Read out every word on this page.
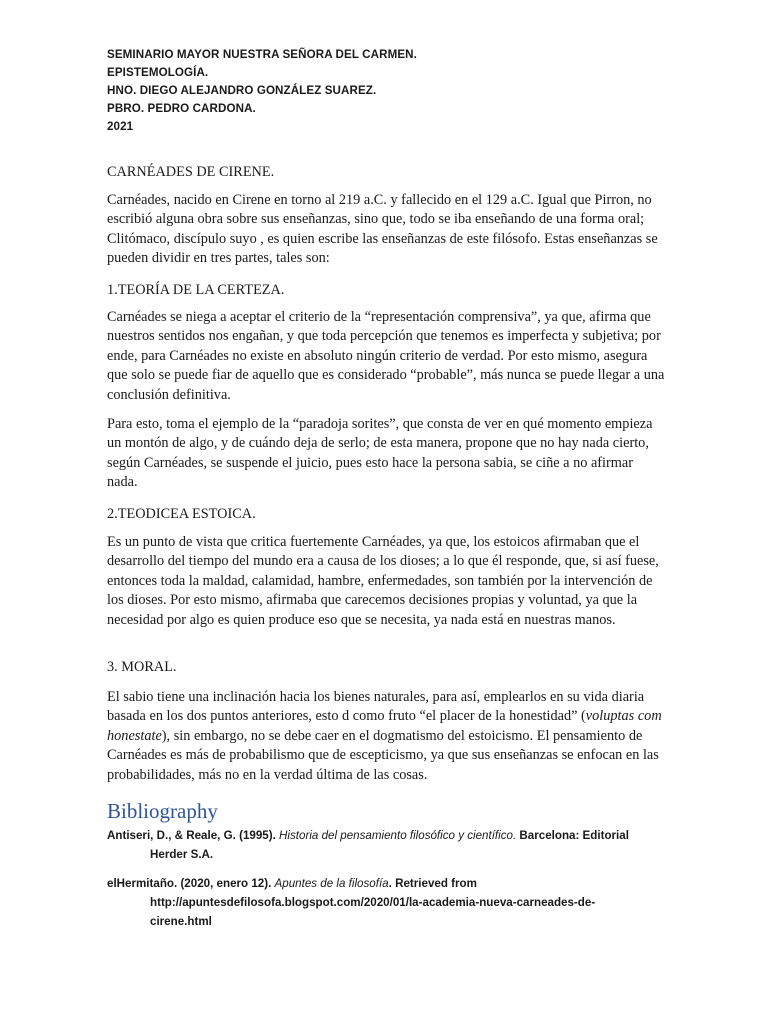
SEMINARIO MAYOR NUESTRA SEÑORA DEL CARMEN.
EPISTEMOLOGÍA.
HNO. DIEGO ALEJANDRO GONZÁLEZ SUAREZ.
PBRO. PEDRO CARDONA.
2021
CARNÉADES DE CIRENE.
Carnéades, nacido en Cirene en torno al 219 a.C. y fallecido en el 129 a.C. Igual que Pirron, no escribió alguna obra sobre sus enseñanzas, sino que, todo se iba enseñando de una forma oral; Clitómaco, discípulo suyo , es quien escribe las enseñanzas de este filósofo. Estas enseñanzas se pueden dividir en tres partes, tales son:
1.TEORÍA DE LA CERTEZA.
Carnéades se niega a aceptar el criterio de la “representación comprensiva”, ya que, afirma que nuestros sentidos nos engañan, y que toda percepción que tenemos es imperfecta y subjetiva; por ende, para Carnéades no existe en absoluto ningún criterio de verdad. Por esto mismo, asegura que solo se puede fiar de aquello que es considerado “probable”, más nunca se puede llegar a una conclusión definitiva.
Para esto, toma el ejemplo de la “paradoja sorites”, que consta de ver en qué momento empieza un montón de algo, y de cuándo deja de serlo; de esta manera, propone que no hay nada cierto, según Carnéades, se suspende el juicio, pues esto hace la persona sabia, se ciñe a no afirmar nada.
2.TEODICEA ESTOICA.
Es un punto de vista que critica fuertemente Carnéades, ya que, los estoicos afirmaban que el desarrollo del tiempo del mundo era a causa de los dioses; a lo que él responde, que, si así fuese, entonces toda la maldad, calamidad, hambre, enfermedades, son también por la intervención de los dioses. Por esto mismo, afirmaba que carecemos decisiones propias y voluntad, ya que la necesidad por algo es quien produce eso que se necesita, ya nada está en nuestras manos.
3. MORAL.
El sabio tiene una inclinación hacia los bienes naturales, para así, emplearlos en su vida diaria basada en los dos puntos anteriores, esto d como fruto “el placer de la honestidad” (voluptas com honestate), sin embargo, no se debe caer en el dogmatismo del estoicismo. El pensamiento de Carnéades es más de probabilismo que de escepticismo, ya que sus enseñanzas se enfocan en las probabilidades, más no en la verdad última de las cosas.
Bibliography
Antiseri, D., & Reale, G. (1995). Historia del pensamiento filosófico y científico. Barcelona: Editorial
Herder S.A.
elHermitaño. (2020, enero 12). Apuntes de la filosofía. Retrieved from
http://apuntesdefilosofa.blogspot.com/2020/01/la-academia-nueva-carneades-de-
cirene.html
